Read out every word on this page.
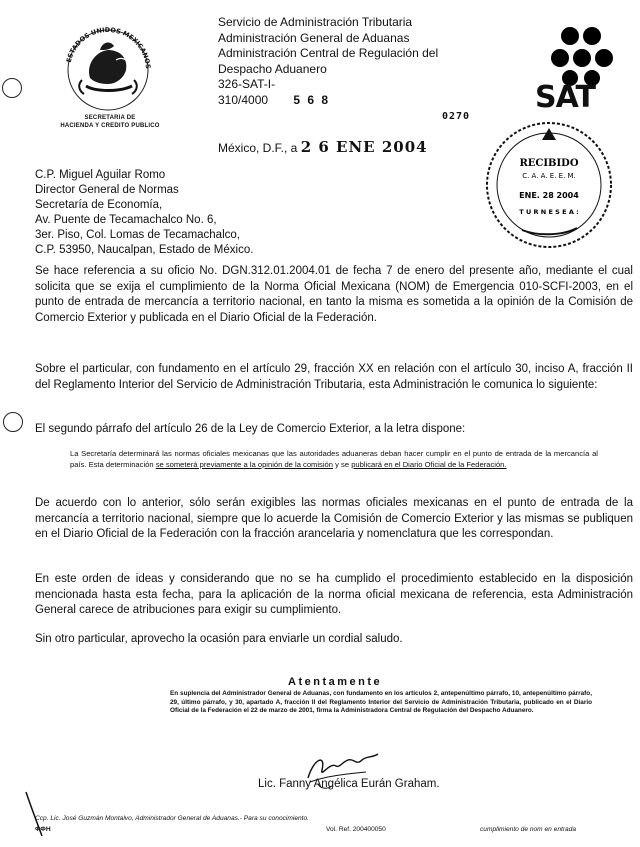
ESTADOS UNIDOS MEXICANOS
SECRETARIA DE
HACIENDA Y CREDITO PUBLICO
Servicio de Administración Tributaria
Administración General de Aduanas
Administración Central de Regulación del
Despacho Aduanero
326-SAT-I-
310/4000 5 6 8	SAT
0270
México, D.F., a 2 6 ENE 2004
RECIBIDO
C. A. A. E. E. M.
ENE. 28 2004
T U R N E S E A :
C.P. Miguel Aguilar Romo
Director General de Normas
Secretaría de Economía,
Av. Puente de Tecamachalco No. 6,
3er. Piso, Col. Lomas de Tecamachalco,
C.P. 53950, Naucalpan, Estado de México.
Se hace referencia a su oficio No. DGN.312.01.2004.01 de fecha 7 de enero del presente año, mediante el cual solicita que se exija el cumplimiento de la Norma Oficial Mexicana (NOM) de Emergencia 010-SCFI-2003, en el punto de entrada de mercancía a territorio nacional, en tanto la misma es sometida a la opinión de la Comisión de Comercio Exterior y publicada en el Diario Oficial de la Federación.
Sobre el particular, con fundamento en el artículo 29, fracción XX en relación con el artículo 30, inciso A, fracción II del Reglamento Interior del Servicio de Administración Tributaria, esta Administración le comunica lo siguiente:
El segundo párrafo del artículo 26 de la Ley de Comercio Exterior, a la letra dispone:
La Secretaría determinará las normas oficiales mexicanas que las autoridades aduaneras deban hacer cumplir en el punto de entrada de la mercancía al país. Esta determinación se someterá previamente a la opinión de la comisión y se publicará en el Diario Oficial de la Federación.
De acuerdo con lo anterior, sólo serán exigibles las normas oficiales mexicanas en el punto de entrada de la mercancía a territorio nacional, siempre que lo acuerde la Comisión de Comercio Exterior y las mismas se publiquen en el Diario Oficial de la Federación con la fracción arancelaria y nomenclatura que les correspondan.
En este orden de ideas y considerando que no se ha cumplido el procedimiento establecido en la disposición mencionada hasta esta fecha, para la aplicación de la norma oficial mexicana de referencia, esta Administración General carece de atribuciones para exigir su cumplimiento.
Sin otro particular, aprovecho la ocasión para enviarle un cordial saludo.
Atentamente
En suplencia del Administrador General de Aduanas, con fundamento en los artículos 2, antepenúltimo párrafo, 10, antepenúltimo párrafo, 29, último párrafo, y 30, apartado A, fracción II del Reglamento Interior del Servicio de Administración Tributaria, publicado en el Diario Oficial de la Federación el 22 de marzo de 2001, firma la Administradora Central de Regulación del Despacho Aduanero.
Lic. Fanny Angélica Eurán Graham.
Ccp. Lic. José Guzmán Montalvo, Administrador General de Aduanas.- Para su conocimiento.
ΦΦH	Vol. Ref. 200400050	cumplimiento de nom en entrada
